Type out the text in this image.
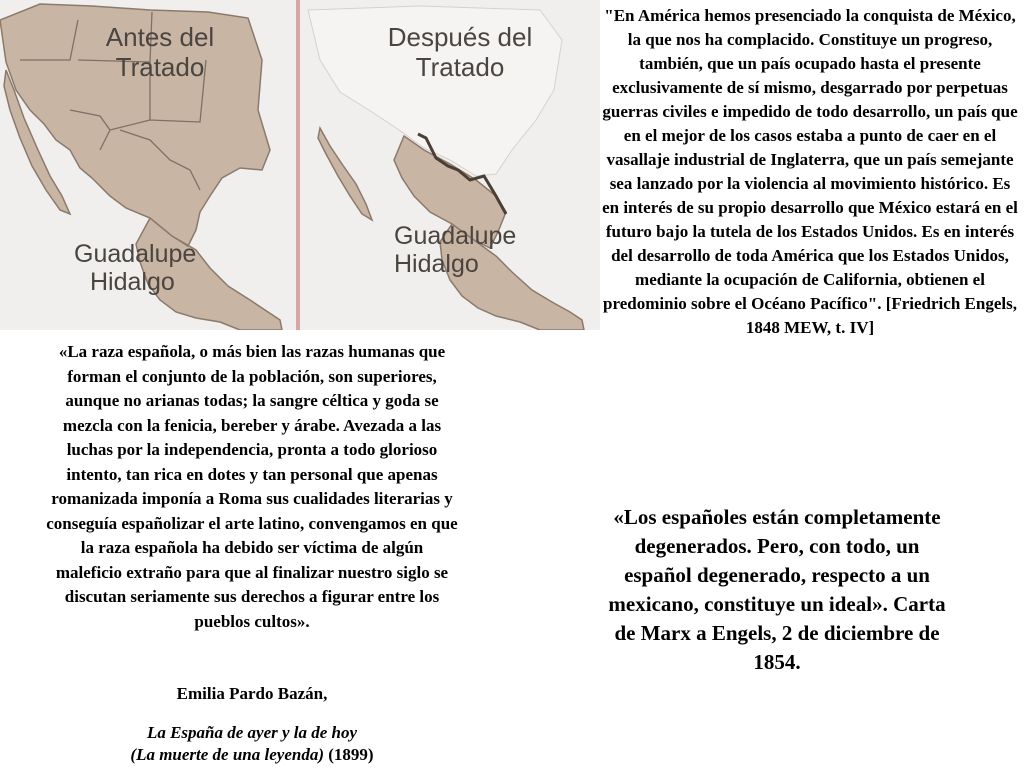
Antes del
Tratado
Guadalupe
Hidalgo
Después del
Tratado
Guadalupe
Hidalgo
"En América hemos presenciado la conquista de México, la que nos ha complacido. Constituye un progreso, también, que un país ocupado hasta el presente exclusivamente de sí mismo, desgarrado por perpetuas guerras civiles e impedido de todo desarrollo, un país que en el mejor de los casos estaba a punto de caer en el vasallaje industrial de Inglaterra, que un país semejante sea lanzado por la violencia al movimiento histórico. Es en interés de su propio desarrollo que México estará en el futuro bajo la tutela de los Estados Unidos. Es en interés del desarrollo de toda América que los Estados Unidos, mediante la ocupación de California, obtienen el predominio sobre el Océano Pacífico". [Friedrich Engels, 1848 MEW, t. IV]
«La raza española, o más bien las razas humanas que forman el conjunto de la población, son superiores, aunque no arianas todas; la sangre céltica y goda se mezcla con la fenicia, bereber y árabe. Avezada a las luchas por la independencia, pronta a todo glorioso intento, tan rica en dotes y tan personal que apenas romanizada imponía a Roma sus cualidades literarias y conseguía españolizar el arte latino, convengamos en que la raza española ha debido ser víctima de algún maleficio extraño para que al finalizar nuestro siglo se discutan seriamente sus derechos a figurar entre los pueblos cultos».
Emilia Pardo Bazán,
La España de ayer y la de hoy
(La muerte de una leyenda) (1899)
«Los españoles están completamente degenerados. Pero, con todo, un español degenerado, respecto a un mexicano, constituye un ideal». Carta de Marx a Engels, 2 de diciembre de 1854.
